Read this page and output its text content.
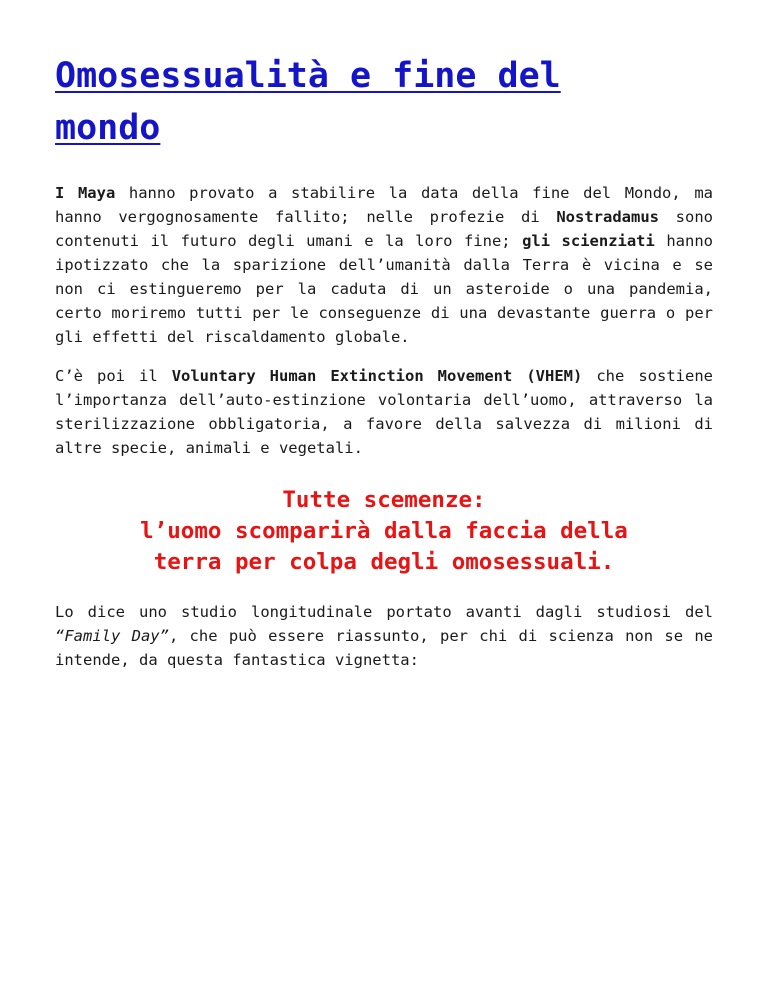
Omosessualità e fine del
mondo

I Maya hanno provato a stabilire la data della fine del Mondo, ma hanno vergognosamente fallito; nelle profezie di Nostradamus sono contenuti il futuro degli umani e la loro fine; gli scienziati hanno ipotizzato che la sparizione dell’umanità dalla Terra è vicina e se non ci estingueremo per la caduta di un asteroide o una pandemia, certo moriremo tutti per le conseguenze di una devastante guerra o per gli effetti del riscaldamento globale.

C’è poi il Voluntary Human Extinction Movement (VHEM) che sostiene l’importanza dell’auto-estinzione volontaria dell’uomo, attraverso la sterilizzazione obbligatoria, a favore della salvezza di milioni di altre specie, animali e vegetali.

Tutte scemenze:
l’uomo scomparirà dalla faccia della
terra per colpa degli omosessuali.

Lo dice uno studio longitudinale portato avanti dagli studiosi del “Family Day”, che può essere riassunto, per chi di scienza non se ne intende, da questa fantastica vignetta:
